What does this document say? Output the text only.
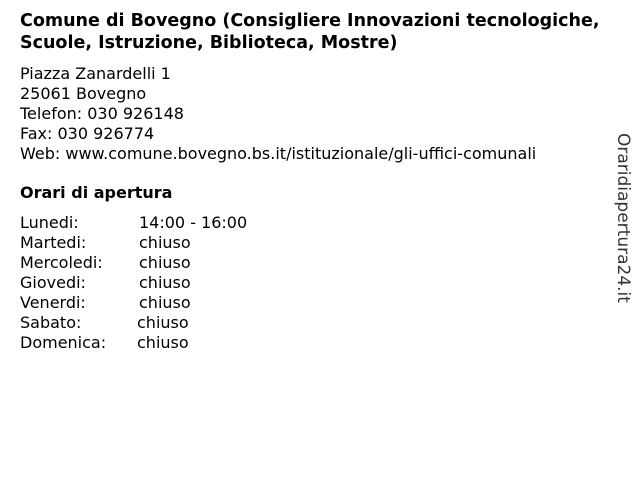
Comune di Bovegno (Consigliere Innovazioni tecnologiche, Scuole, Istruzione, Biblioteca, Mostre)
Piazza Zanardelli 1
25061 Bovegno
Telefon: 030 926148
Fax: 030 926774
Web: www.comune.bovegno.bs.it/istituzionale/gli-uffici-comunali
Orari di apertura
Lunedi:	14:00 - 16:00
Martedi:	chiuso
Mercoledi: chiuso
Giovedi:	chiuso
Venerdi:	chiuso
Sabato:	chiuso
Domenica: chiuso
Oraridiapertura24.it
